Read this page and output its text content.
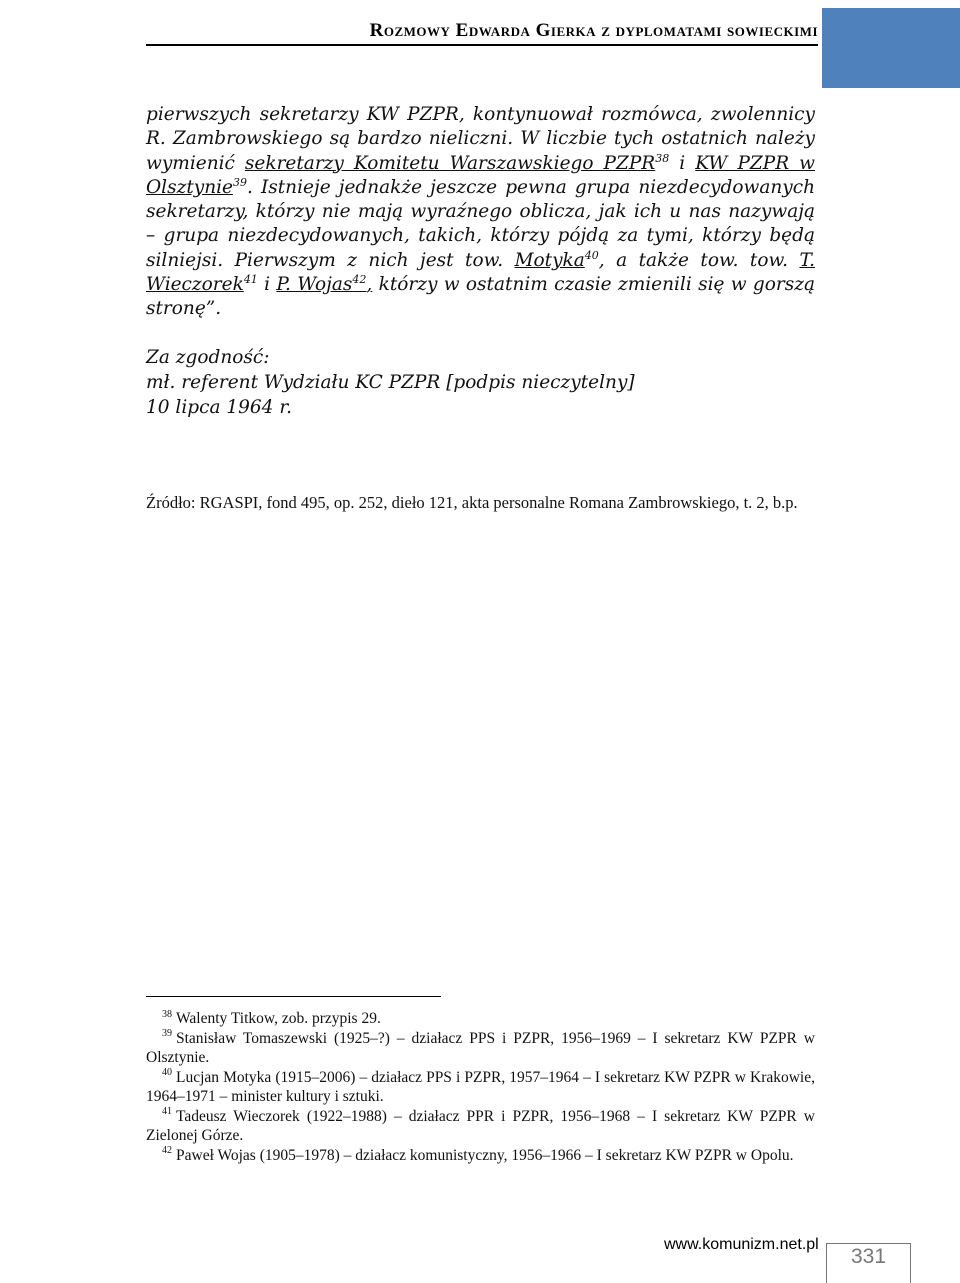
Rozmowy Edwarda Gierka z dyplomatami sowieckimi

pierwszych sekretarzy KW PZPR, kontynuował rozmówca, zwolennicy R. Zambrowskiego są bardzo nieliczni. W liczbie tych ostatnich należy wymienić sekretarzy Komitetu Warszawskiego PZPR$^{38}$ i KW PZPR w Olsztynie$^{39}$. Istnieje jednakże jeszcze pewna grupa niezdecydowanych sekretarzy, którzy nie mają wyraźnego oblicza, jak ich u nas nazywają – grupa niezdecydowanych, takich, którzy pójdą za tymi, którzy będą silniejsi. Pierwszym z nich jest tow. Motyka$^{40}$, a także tow. tow. T. Wieczorek$^{41}$ i P. Wojas$^{42}$, którzy w ostatnim czasie zmienili się w gorszą stronę”.

Za zgodność:
mł. referent Wydziału KC PZPR [podpis nieczytelny]
10 lipca 1964 r.
Źródło: RGASPI, fond 495, op. 252, dieło 121, akta personalne Romana Zambrowskiego, t. 2, b.p.

$^{38}$ Walenty Titkow, zob. przypis 29.

$^{39}$ Stanisław Tomaszewski (1925–?) – działacz PPS i PZPR, 1956–1969 – I sekretarz KW PZPR w Olsztynie.

$^{40}$ Lucjan Motyka (1915–2006) – działacz PPS i PZPR, 1957–1964 – I sekretarz KW PZPR w Krakowie, 1964–1971 – minister kultury i sztuki.

$^{41}$ Tadeusz Wieczorek (1922–1988) – działacz PPR i PZPR, 1956–1968 – I sekretarz KW PZPR w Zielonej Górze.

$^{42}$ Paweł Wojas (1905–1978) – działacz komunistyczny, 1956–1966 – I sekretarz KW PZPR w Opolu.

www.komunizm.net.pl
331
